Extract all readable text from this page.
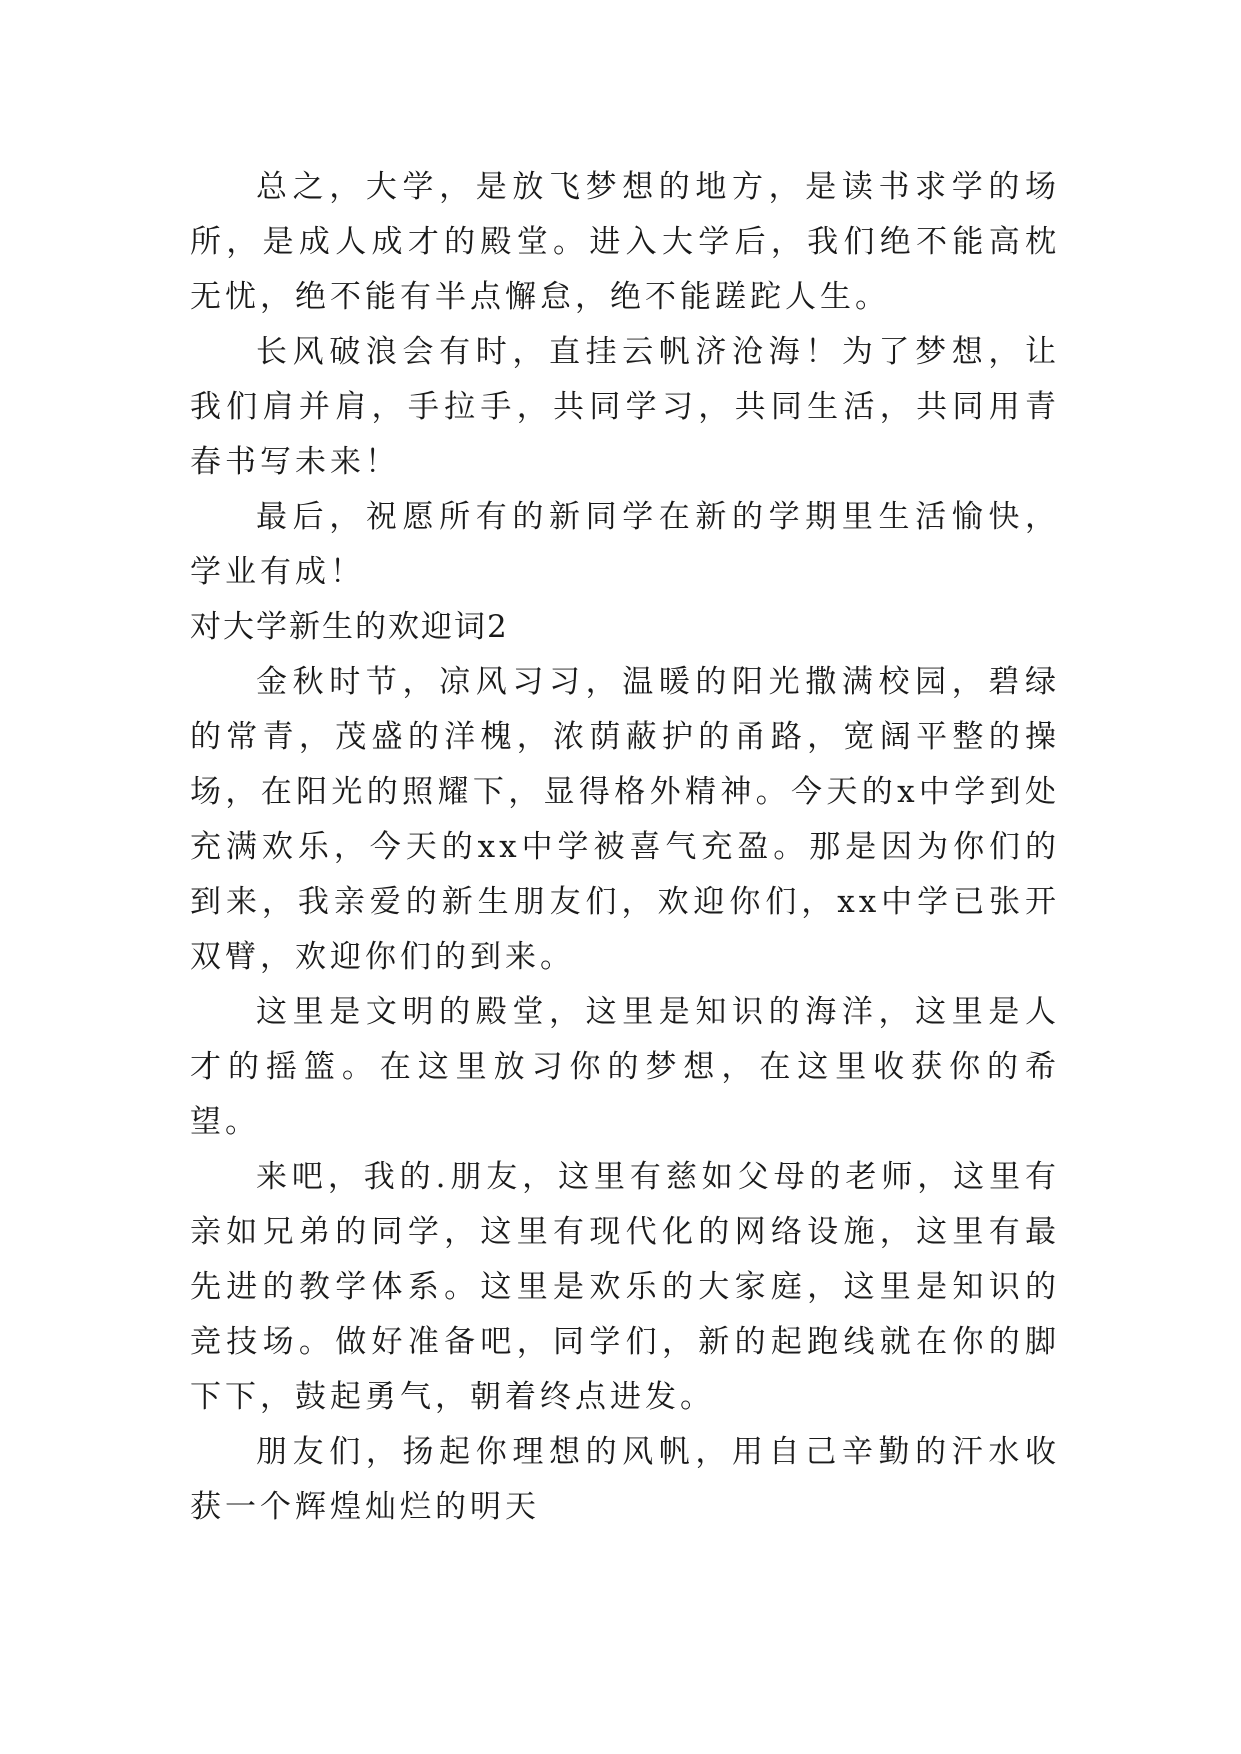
总之，大学，是放飞梦想的地方，是读书求学的场所，是成人成才的殿堂。进入大学后，我们绝不能高枕无忧，绝不能有半点懈怠，绝不能蹉跎人生。

长风破浪会有时，直挂云帆济沧海！为了梦想，让我们肩并肩，手拉手，共同学习，共同生活，共同用青春书写未来！

最后，祝愿所有的新同学在新的学期里生活愉快，学业有成！

对大学新生的欢迎词2

金秋时节，凉风习习，温暖的阳光撒满校园，碧绿的常青，茂盛的洋槐，浓荫蔽护的甬路，宽阔平整的操场，在阳光的照耀下，显得格外精神。今天的x中学到处充满欢乐，今天的xx中学被喜气充盈。那是因为你们的到来，我亲爱的新生朋友们，欢迎你们，xx中学已张开双臂，欢迎你们的到来。

这里是文明的殿堂，这里是知识的海洋，这里是人才的摇篮。在这里放习你的梦想，在这里收获你的希望。

来吧，我的.朋友，这里有慈如父母的老师，这里有亲如兄弟的同学，这里有现代化的网络设施，这里有最先进的教学体系。这里是欢乐的大家庭，这里是知识的竞技场。做好准备吧，同学们，新的起跑线就在你的脚下下，鼓起勇气，朝着终点进发。

朋友们，扬起你理想的风帆，用自己辛勤的汗水收获一个辉煌灿烂的明天
